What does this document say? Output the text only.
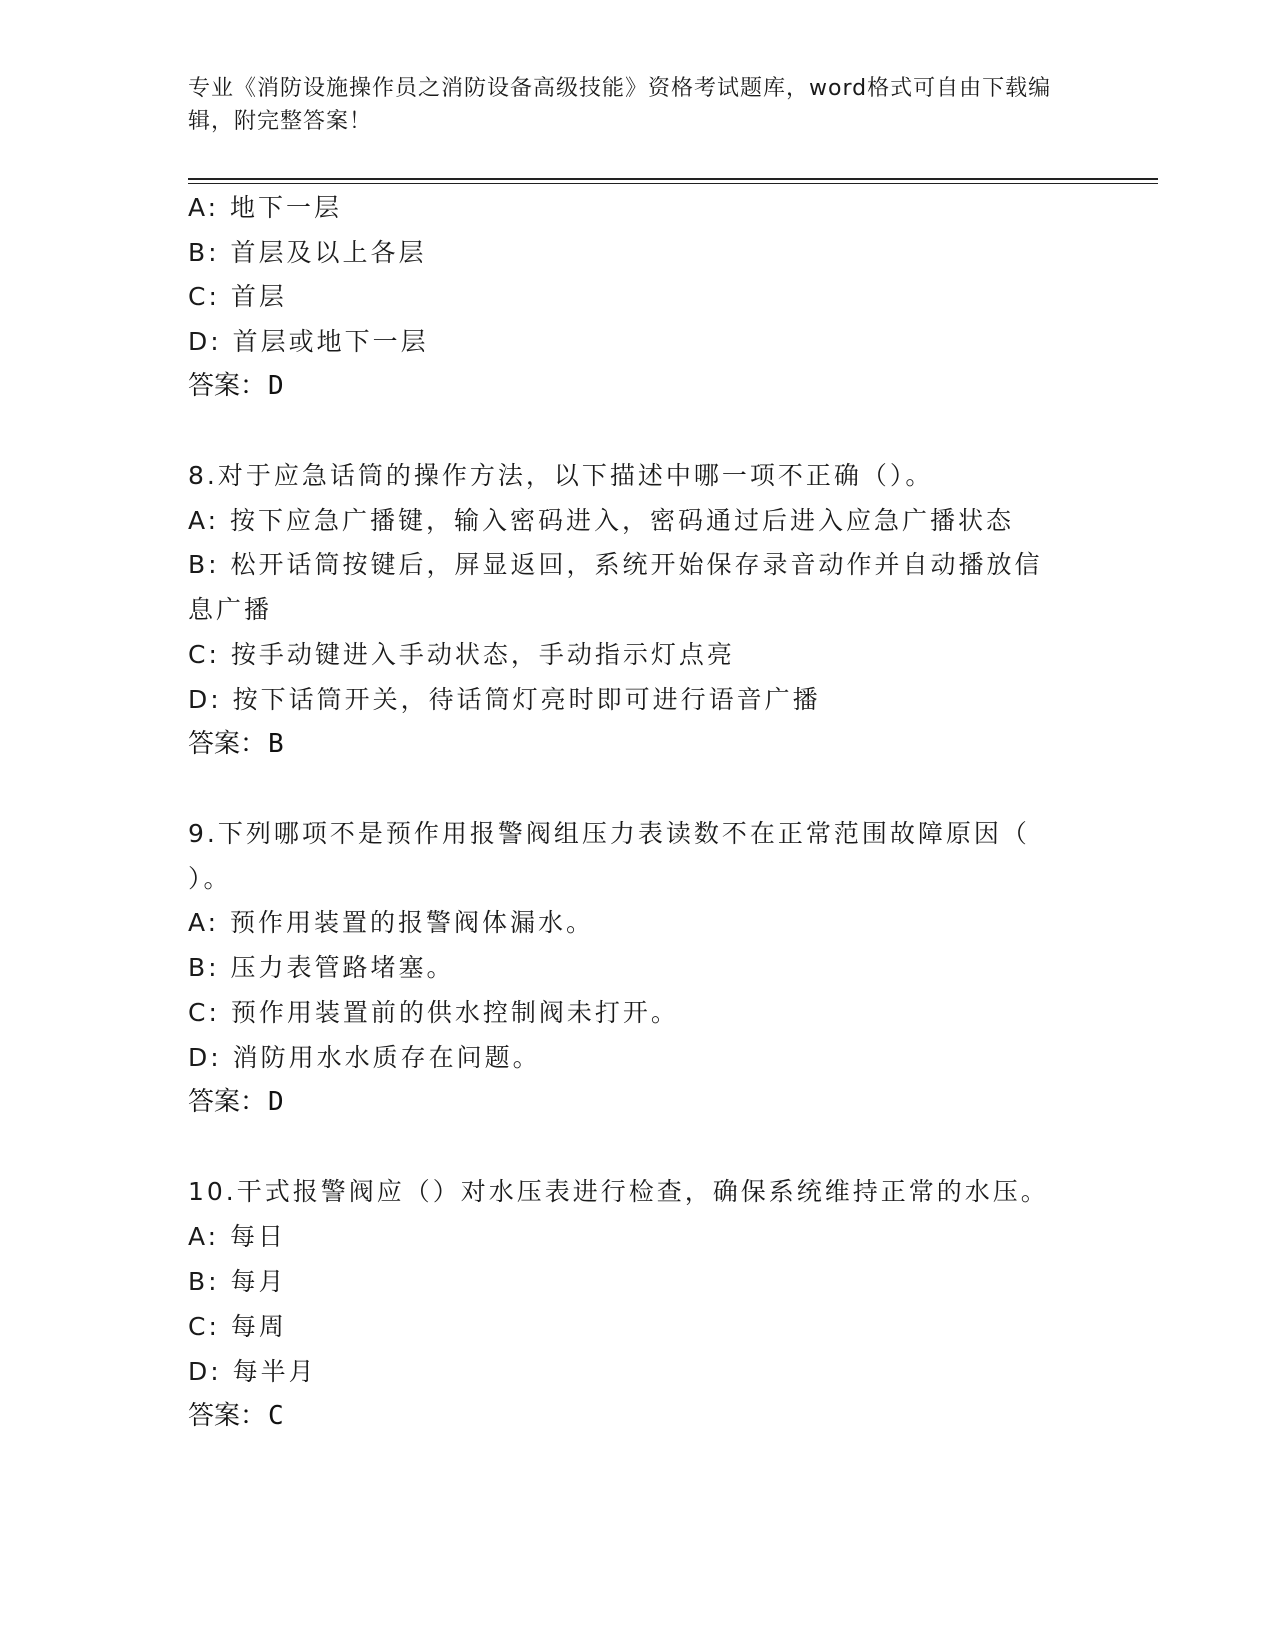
专业《消防设施操作员之消防设备高级技能》资格考试题库，word格式可自由下载编辑，附完整答案！
A: 地下一层
B: 首层及以上各层
C: 首层
D: 首层或地下一层
答案：D
8.对于应急话筒的操作方法，以下描述中哪一项不正确（）。
A: 按下应急广播键，输入密码进入，密码通过后进入应急广播状态
B: 松开话筒按键后，屏显返回，系统开始保存录音动作并自动播放信
息广播
C: 按手动键进入手动状态，手动指示灯点亮
D: 按下话筒开关，待话筒灯亮时即可进行语音广播
答案：B
9.下列哪项不是预作用报警阀组压力表读数不在正常范围故障原因（
）。
A: 预作用装置的报警阀体漏水。
B: 压力表管路堵塞。
C: 预作用装置前的供水控制阀未打开。
D: 消防用水水质存在问题。
答案：D
10.干式报警阀应（）对水压表进行检查，确保系统维持正常的水压。
A: 每日
B: 每月
C: 每周
D: 每半月
答案：C
